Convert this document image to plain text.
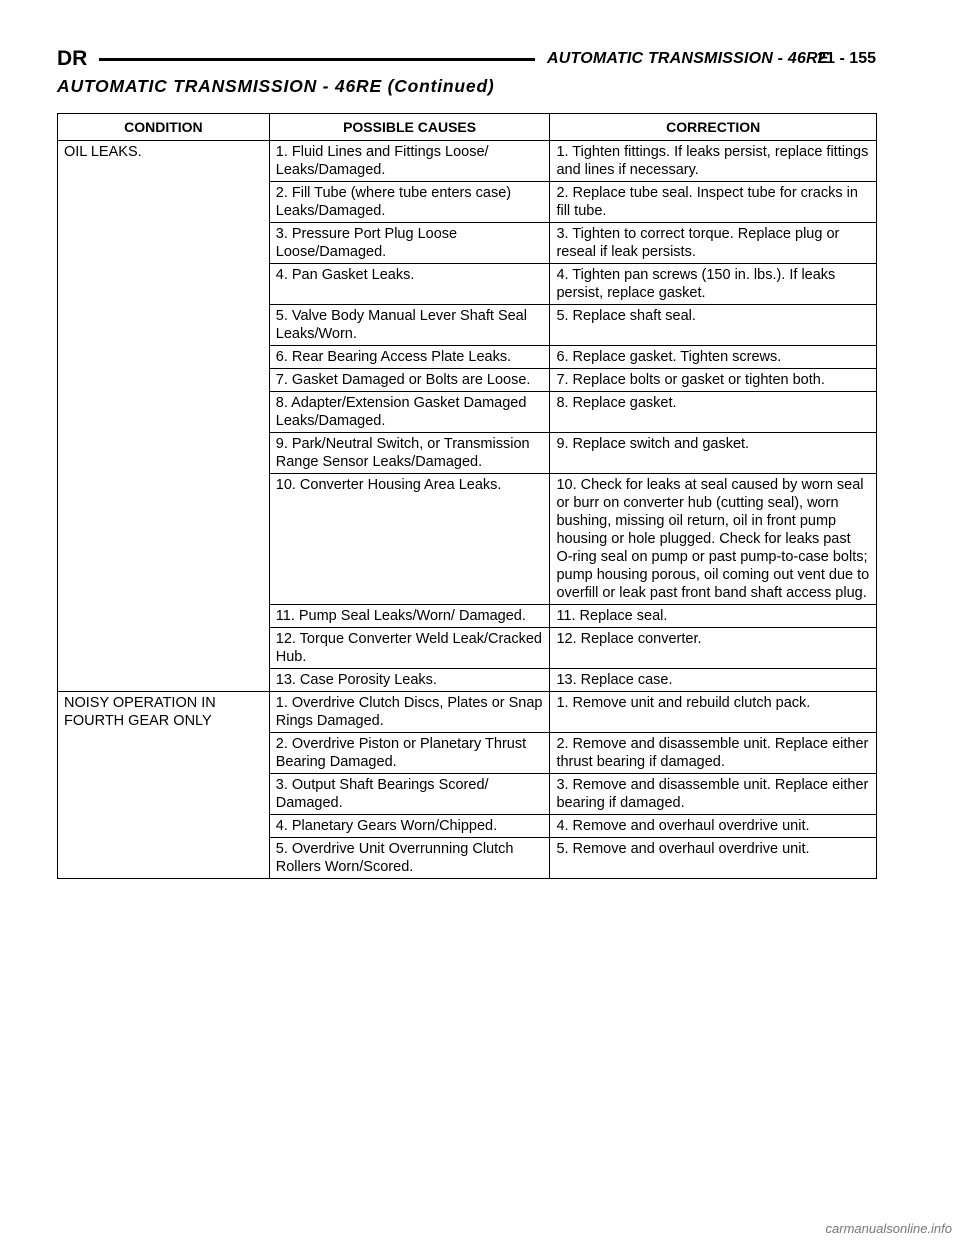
DR	AUTOMATIC TRANSMISSION - 46RE
21 - 155
AUTOMATIC TRANSMISSION - 46RE (Continued)
CONDITION	POSSIBLE CAUSES	CORRECTION
OIL LEAKS.	1. Fluid Lines and Fittings Loose/ Leaks/Damaged.	1. Tighten fittings. If leaks persist, replace fittings and lines if necessary.
	2. Fill Tube (where tube enters case) Leaks/Damaged.	2. Replace tube seal. Inspect tube for cracks in fill tube.
	3. Pressure Port Plug Loose Loose/Damaged.	3. Tighten to correct torque. Replace plug or reseal if leak persists.
	4. Pan Gasket Leaks.	4. Tighten pan screws (150 in. lbs.). If leaks persist, replace gasket.
	5. Valve Body Manual Lever Shaft Seal Leaks/Worn.	5. Replace shaft seal.
	6. Rear Bearing Access Plate Leaks.	6. Replace gasket. Tighten screws.
	7. Gasket Damaged or Bolts are Loose.	7. Replace bolts or gasket or tighten both.
	8. Adapter/Extension Gasket Damaged Leaks/Damaged.	8. Replace gasket.
	9. Park/Neutral Switch, or Transmission Range Sensor Leaks/Damaged.	9. Replace switch and gasket.
	10. Converter Housing Area Leaks.	10. Check for leaks at seal caused by worn seal or burr on converter hub (cutting seal), worn bushing, missing oil return, oil in front pump housing or hole plugged. Check for leaks past O-ring seal on pump or past pump-to-case bolts; pump housing porous, oil coming out vent due to overfill or leak past front band shaft access plug.
	11. Pump Seal Leaks/Worn/ Damaged.	11. Replace seal.
	12. Torque Converter Weld Leak/Cracked Hub.	12. Replace converter.
	13. Case Porosity Leaks.	13. Replace case.
NOISY OPERATION IN FOURTH GEAR ONLY	1. Overdrive Clutch Discs, Plates or Snap Rings Damaged.	1. Remove unit and rebuild clutch pack.
	2. Overdrive Piston or Planetary Thrust Bearing Damaged.	2. Remove and disassemble unit. Replace either thrust bearing if damaged.
	3. Output Shaft Bearings Scored/ Damaged.	3. Remove and disassemble unit. Replace either bearing if damaged.
	4. Planetary Gears Worn/Chipped.	4. Remove and overhaul overdrive unit.
	5. Overdrive Unit Overrunning Clutch Rollers Worn/Scored.	5. Remove and overhaul overdrive unit.
carmanualsonline.info
